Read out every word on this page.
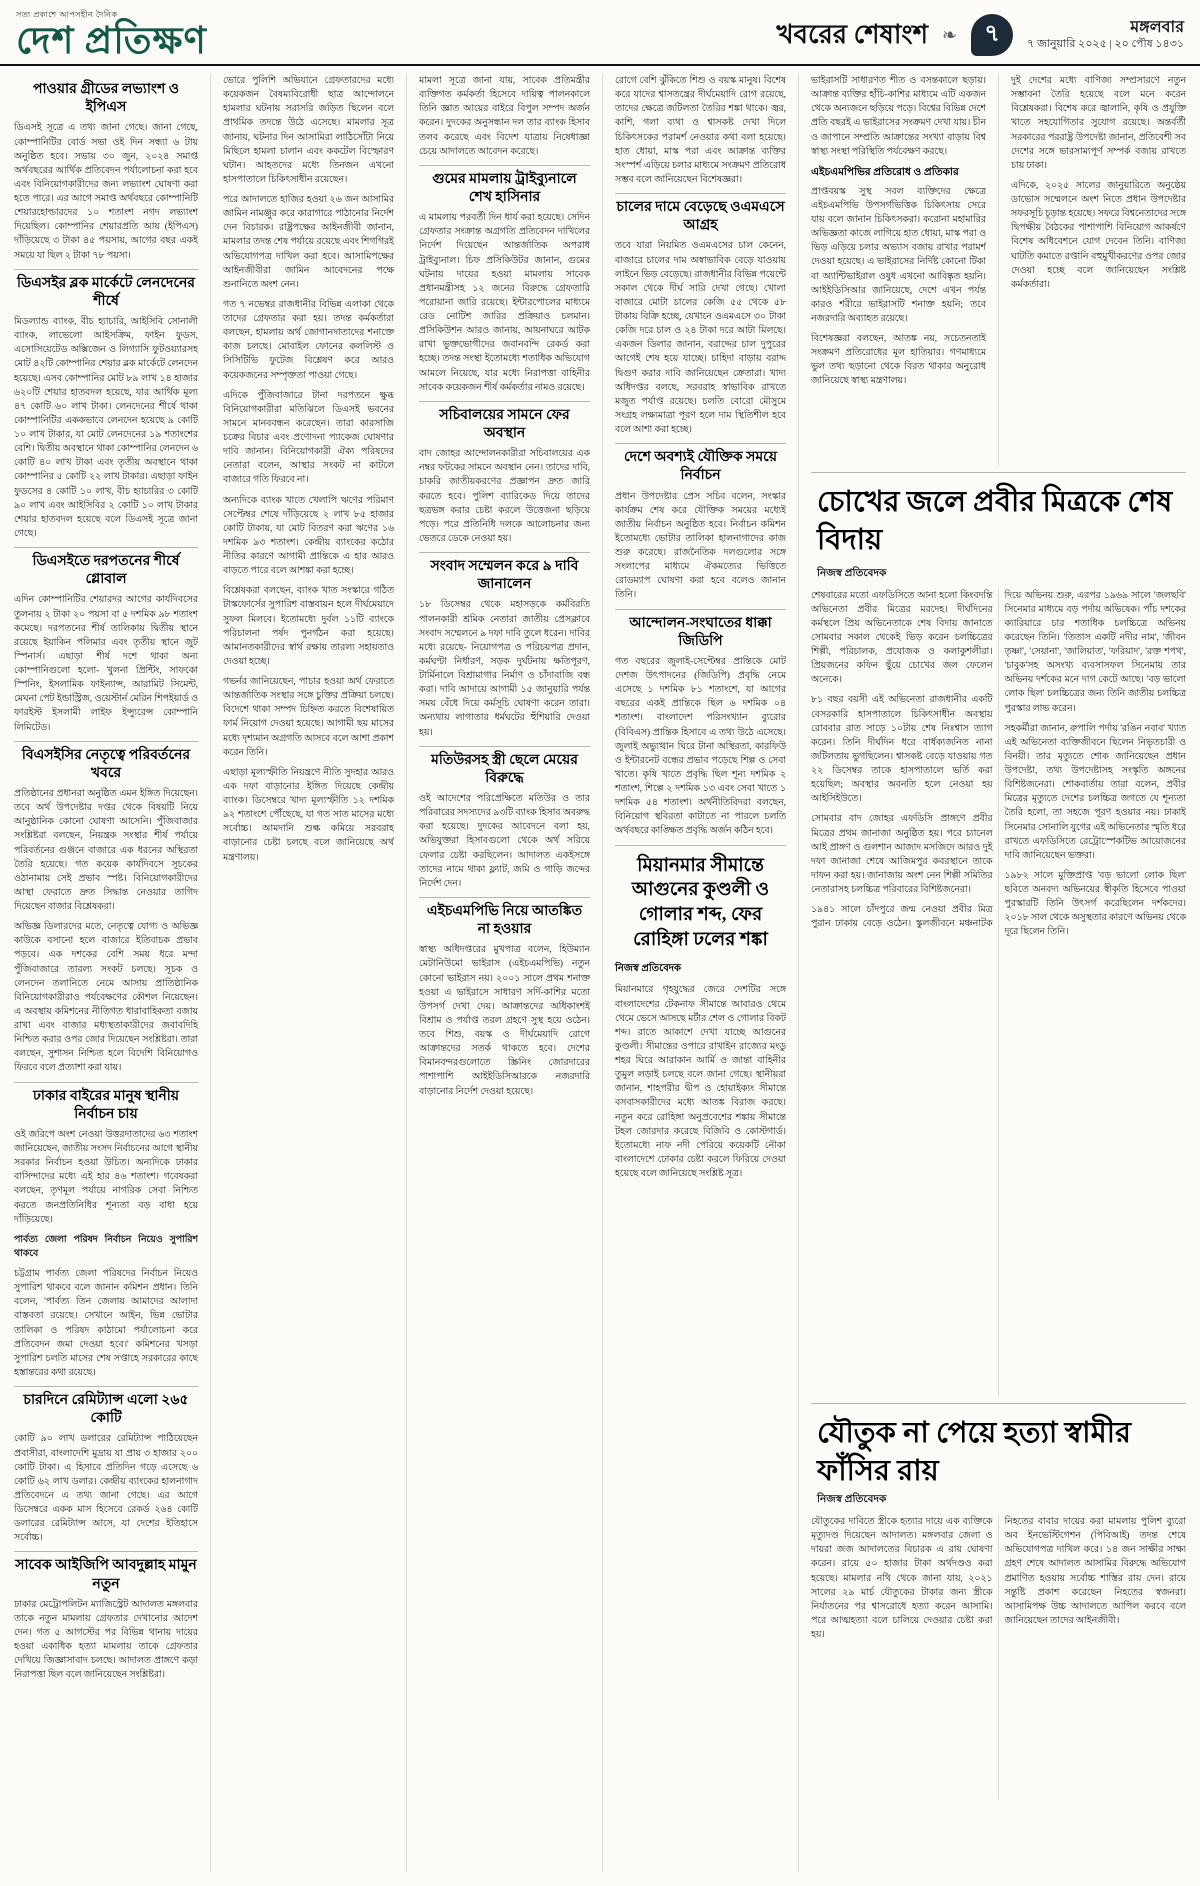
সত্য প্রকাশে আপসহীন দৈনিক
দেশ প্রতিক্ষণ	খবরের শেষাংশ ❧	৭	মঙ্গলবার
৭ জানুয়ারি ২০২৫ | ২০ পৌষ ১৪৩১
পাওয়ার গ্রীডের লভ্যাংশ ও ইপিএস

ডিএসই সূত্রে এ তথ্য জানা গেছে। জানা গেছে, কোম্পানিটির বোর্ড সভা ওই দিন সন্ধ্যা ৬ টায় অনুষ্ঠিত হবে। সভায় ৩০ জুন, ২০২৪ সমাপ্ত অর্থবছরের আর্থিক প্রতিবেদন পর্যালোচনা করা হবে এবং বিনিয়োগকারীদের জন্য লভ্যাংশ ঘোষণা করা হতে পারে। এর আগে সমাপ্ত অর্থবছরে কোম্পানিটি শেয়ারহোল্ডারদের ১০ শতাংশ নগদ লভ্যাংশ দিয়েছিল। কোম্পানির শেয়ারপ্রতি আয় (ইপিএস) দাঁড়িয়েছে ৩ টাকা ৪৫ পয়সায়, আগের বছর একই সময়ে যা ছিল ২ টাকা ৭৮ পয়সা।

ডিএসইর ব্লক মার্কেটে লেনদেনের শীর্ষে

মিডল্যান্ড ব্যাংক, বীচ হ্যাচারি, আইসিবি সোনালী ব্যাংক, লাভেলো আইসক্রিম, ফাইন ফুডস, এসোসিয়েটেড অক্সিজেন ও লিগ্যাসি ফুটওয়্যারসহ মোট ৪২টি কোম্পানির শেয়ার ব্লক মার্কেটে লেনদেন হয়েছে। এসব কোম্পানির মোট ৮৯ লাখ ১৪ হাজার ৬২০টি শেয়ার হাতবদল হয়েছে, যার আর্থিক মূল্য ৪৭ কোটি ৬০ লাখ টাকা। লেনদেনের শীর্ষে থাকা কোম্পানিটির এককভাবে লেনদেন হয়েছে ৯ কোটি ১০ লাখ টাকার, যা মোট লেনদেনের ১৯ শতাংশের বেশি। দ্বিতীয় অবস্থানে থাকা কোম্পানির লেনদেন ৬ কোটি ৪০ লাখ টাকা এবং তৃতীয় অবস্থানে থাকা কোম্পানির ৫ কোটি ২২ লাখ টাকার। এছাড়া ফাইন ফুডসের ৪ কোটি ১০ লাখ, বীচ হ্যাচারির ৩ কোটি ৯০ লাখ এবং আইসিবির ২ কোটি ১০ লাখ টাকার শেয়ার হাতবদল হয়েছে বলে ডিএসই সূত্রে জানা গেছে।

ডিএসইতে দরপতনের শীর্ষে গ্লোবাল

এদিন কোম্পানিটির শেয়ারদর আগের কার্যদিবসের তুলনায় ২ টাকা ২০ পয়সা বা ৫ দশমিক ৯৮ শতাংশ কমেছে। দরপতনের শীর্ষ তালিকায় দ্বিতীয় স্থানে রয়েছে ইয়াকিন পলিমার এবং তৃতীয় স্থানে জুট স্পিনার্স। এছাড়া শীর্ষ দশে থাকা অন্য কোম্পানিগুলো হলো- খুলনা প্রিন্টিং, সাফকো স্পিনিং, ইসলামিক ফাইন্যান্স, আরামিট সিমেন্ট, মেঘনা পেট ইন্ডাস্ট্রিজ, ওয়েস্টার্ন মেরিন শিপইয়ার্ড ও ফারইস্ট ইসলামী লাইফ ইন্স্যুরেন্স কোম্পানি লিমিটেড।

বিএসইসির নেতৃত্বে পরিবর্তনের খবরে

প্রতিষ্ঠানের প্রধানরা অনুষ্ঠিত এমন ইঙ্গিত দিয়েছেন। তবে অর্থ উপদেষ্টার দপ্তর থেকে বিষয়টি নিয়ে আনুষ্ঠানিক কোনো ঘোষণা আসেনি। পুঁজিবাজার সংশ্লিষ্টরা বলছেন, নিয়ন্ত্রক সংস্থার শীর্ষ পর্যায়ে পরিবর্তনের গুঞ্জনে বাজারে এক ধরনের অস্থিরতা তৈরি হয়েছে। গত কয়েক কার্যদিবসে সূচকের ওঠানামায় সেই প্রভাব স্পষ্ট। বিনিয়োগকারীদের আস্থা ফেরাতে দ্রুত সিদ্ধান্ত নেওয়ার তাগিদ দিয়েছেন বাজার বিশ্লেষকরা।

অভিজ্ঞ ডিলারদের মতে, নেতৃত্বে যোগ্য ও অভিজ্ঞ কাউকে বসানো হলে বাজারে ইতিবাচক প্রভাব পড়বে। এক দশকের বেশি সময় ধরে মন্দা পুঁজিবাজারে তারল্য সংকট চলছে। সূচক ও লেনদেন তলানিতে নেমে আসায় প্রাতিষ্ঠানিক বিনিয়োগকারীরাও পর্যবেক্ষণের কৌশল নিয়েছেন। এ অবস্থায় কমিশনের নীতিগত ধারাবাহিকতা বজায় রাখা এবং বাজার মধ্যস্থতাকারীদের জবাবদিহি নিশ্চিত করার ওপর জোর দিয়েছেন সংশ্লিষ্টরা। তারা বলছেন, সুশাসন নিশ্চিত হলে বিদেশি বিনিয়োগও ফিরবে বলে প্রত্যাশা করা যায়।

ঢাকার বাইরের মানুষ স্থানীয় নির্বাচন চায়

ওই জরিপে অংশ নেওয়া উত্তরদাতাদের ৬৩ শতাংশ জানিয়েছেন, জাতীয় সংসদ নির্বাচনের আগে স্থানীয় সরকার নির্বাচন হওয়া উচিত। অন্যদিকে ঢাকার বাসিন্দাদের মধ্যে এই হার ৪৬ শতাংশ। গবেষকরা বলছেন, তৃণমূল পর্যায়ে নাগরিক সেবা নিশ্চিত করতে জনপ্রতিনিধির শূন্যতা বড় বাধা হয়ে দাঁড়িয়েছে।

পার্বত্য জেলা পরিষদ নির্বাচন নিয়েও সুপারিশ থাকবে

চট্টগ্রাম পার্বত্য জেলা পরিষদের নির্বাচন নিয়েও সুপারিশ থাকবে বলে জানান কমিশন প্রধান। তিনি বলেন, 'পার্বত্য তিন জেলায় আমাদের আলাদা বাস্তবতা রয়েছে। সেখানে আইন, ভিন্ন ভোটার তালিকা ও পরিষদ কাঠামো পর্যালোচনা করে প্রতিবেদন জমা দেওয়া হবে।' কমিশনের খসড়া সুপারিশ চলতি মাসের শেষ সপ্তাহে সরকারের কাছে হস্তান্তরের কথা রয়েছে।

চারদিনে রেমিট্যান্স এলো ২৬৫ কোটি

কোটি ৯০ লাখ ডলারের রেমিট্যান্স পাঠিয়েছেন প্রবাসীরা, বাংলাদেশি মুদ্রায় যা প্রায় ৩ হাজার ২০০ কোটি টাকা। এ হিসাবে প্রতিদিন গড়ে এসেছে ৬ কোটি ৬২ লাখ ডলার। কেন্দ্রীয় ব্যাংকের হালনাগাদ প্রতিবেদনে এ তথ্য জানা গেছে। এর আগে ডিসেম্বরে একক মাস হিসেবে রেকর্ড ২৬৪ কোটি ডলারের রেমিট্যান্স আসে, যা দেশের ইতিহাসে সর্বোচ্চ।

সাবেক আইজিপি আবদুল্লাহ মামুন নতুন

ঢাকার মেট্রোপলিটন ম্যাজিস্ট্রেট আদালত মঙ্গলবার তাকে নতুন মামলায় গ্রেফতার দেখানোর আদেশ দেন। গত ৫ আগস্টের পর বিভিন্ন থানায় দায়ের হওয়া একাধিক হত্যা মামলায় তাকে গ্রেফতার দেখিয়ে জিজ্ঞাসাবাদ চলছে। আদালত প্রাঙ্গণে কড়া নিরাপত্তা ছিল বলে জানিয়েছেন সংশ্লিষ্টরা।

ভোরে পুলিশি অভিযানে গ্রেফতারদের মধ্যে কয়েকজন বৈষম্যবিরোধী ছাত্র আন্দোলনে হামলার ঘটনায় সরাসরি জড়িত ছিলেন বলে প্রাথমিক তদন্তে উঠে এসেছে। মামলার সূত্র জানায়, ঘটনার দিন আসামিরা লাঠিসোঁটা নিয়ে মিছিলে হামলা চালান এবং ককটেল বিস্ফোরণ ঘটান। আহতদের মধ্যে তিনজন এখনো হাসপাতালে চিকিৎসাধীন রয়েছেন।

পরে আদালতে হাজির হওয়া ২৬ জন আসামির জামিন নামঞ্জুর করে কারাগারে পাঠানোর নির্দেশ দেন বিচারক। রাষ্ট্রপক্ষের আইনজীবী জানান, মামলার তদন্ত শেষ পর্যায়ে রয়েছে এবং শিগগিরই অভিযোগপত্র দাখিল করা হবে। আসামিপক্ষের আইনজীবীরা জামিন আবেদনের পক্ষে শুনানিতে অংশ নেন।

গত ৭ নভেম্বর রাজধানীর বিভিন্ন এলাকা থেকে তাদের গ্রেফতার করা হয়। তদন্ত কর্মকর্তারা বলছেন, হামলায় অর্থ জোগানদাতাদের শনাক্তে কাজ চলছে। মোবাইল ফোনের কললিস্ট ও সিসিটিভি ফুটেজ বিশ্লেষণ করে আরও কয়েকজনের সম্পৃক্ততা পাওয়া গেছে।

এদিকে পুঁজিবাজারে টানা দরপতনে ক্ষুব্ধ বিনিয়োগকারীরা মতিঝিলে ডিএসই ভবনের সামনে মানববন্ধন করেছেন। তারা কারসাজি চক্রের বিচার এবং প্রণোদনা প্যাকেজ ঘোষণার দাবি জানান। বিনিয়োগকারী ঐক্য পরিষদের নেতারা বলেন, আস্থার সংকট না কাটলে বাজারে গতি ফিরবে না।

অন্যদিকে ব্যাংক খাতে খেলাপি ঋণের পরিমাণ সেপ্টেম্বর শেষে দাঁড়িয়েছে ২ লাখ ৮৫ হাজার কোটি টাকায়, যা মোট বিতরণ করা ঋণের ১৬ দশমিক ৯৩ শতাংশ। কেন্দ্রীয় ব্যাংকের কঠোর নীতির কারণে আগামী প্রান্তিকে এ হার আরও বাড়তে পারে বলে আশঙ্কা করা হচ্ছে।

বিশ্লেষকরা বলছেন, ব্যাংক খাত সংস্কারে গঠিত টাস্কফোর্সের সুপারিশ বাস্তবায়ন হলে দীর্ঘমেয়াদে সুফল মিলবে। ইতোমধ্যে দুর্বল ১১টি ব্যাংকে পরিচালনা পর্ষদ পুনর্গঠন করা হয়েছে। আমানতকারীদের স্বার্থ রক্ষায় তারল্য সহায়তাও দেওয়া হচ্ছে।

গভর্নর জানিয়েছেন, পাচার হওয়া অর্থ ফেরাতে আন্তর্জাতিক সংস্থার সঙ্গে চুক্তির প্রক্রিয়া চলছে। বিদেশে থাকা সম্পদ চিহ্নিত করতে বিশেষায়িত ফার্ম নিয়োগ দেওয়া হয়েছে। আগামী ছয় মাসের মধ্যে দৃশ্যমান অগ্রগতি আসবে বলে আশা প্রকাশ করেন তিনি।

এছাড়া মূল্যস্ফীতি নিয়ন্ত্রণে নীতি সুদহার আরও এক দফা বাড়ানোর ইঙ্গিত দিয়েছে কেন্দ্রীয় ব্যাংক। ডিসেম্বরে খাদ্য মূল্যস্ফীতি ১২ দশমিক ৯২ শতাংশে পৌঁছেছে, যা গত সাত মাসের মধ্যে সর্বোচ্চ। আমদানি শুল্ক কমিয়ে সরবরাহ বাড়ানোর চেষ্টা চলছে বলে জানিয়েছে অর্থ মন্ত্রণালয়।

মামলা সূত্রে জানা যায়, সাবেক প্রতিমন্ত্রীর ব্যক্তিগত কর্মকর্তা হিসেবে দায়িত্ব পালনকালে তিনি জ্ঞাত আয়ের বাইরে বিপুল সম্পদ অর্জন করেন। দুদকের অনুসন্ধান দল তার ব্যাংক হিসাব তলব করেছে এবং বিদেশ যাত্রায় নিষেধাজ্ঞা চেয়ে আদালতে আবেদন করেছে।

গুমের মামলায় ট্রাইব্যুনালে শেখ হাসিনার

এ মামলায় পরবর্তী দিন ধার্য করা হয়েছে। সেদিন গ্রেফতার সংক্রান্ত অগ্রগতি প্রতিবেদন দাখিলের নির্দেশ দিয়েছেন আন্তর্জাতিক অপরাধ ট্রাইব্যুনাল। চিফ প্রসিকিউটর জানান, গুমের ঘটনায় দায়ের হওয়া মামলায় সাবেক প্রধানমন্ত্রীসহ ১২ জনের বিরুদ্ধে গ্রেফতারি পরোয়ানা জারি রয়েছে। ইন্টারপোলের মাধ্যমে রেড নোটিশ জারির প্রক্রিয়াও চলমান। প্রসিকিউশন আরও জানায়, আয়নাঘরে আটক রাখা ভুক্তভোগীদের জবানবন্দি রেকর্ড করা হচ্ছে। তদন্ত সংস্থা ইতোমধ্যে শতাধিক অভিযোগ আমলে নিয়েছে, যার মধ্যে নিরাপত্তা বাহিনীর সাবেক কয়েকজন শীর্ষ কর্মকর্তার নামও রয়েছে।

সচিবালয়ের সামনে ফের অবস্থান

বাদ জোহর আন্দোলনকারীরা সচিবালয়ের এক নম্বর ফটকের সামনে অবস্থান নেন। তাদের দাবি, চাকরি জাতীয়করণের প্রজ্ঞাপন দ্রুত জারি করতে হবে। পুলিশ ব্যারিকেড দিয়ে তাদের ছত্রভঙ্গ করার চেষ্টা করলে উত্তেজনা ছড়িয়ে পড়ে। পরে প্রতিনিধি দলকে আলোচনার জন্য ভেতরে ডেকে নেওয়া হয়।

সংবাদ সম্মেলন করে ৯ দাবি জানালেন

১৮ ডিসেম্বর থেকে মহাসড়কে কর্মবিরতি পালনকারী শ্রমিক নেতারা জাতীয় প্রেসক্লাবে সংবাদ সম্মেলনে ৯ দফা দাবি তুলে ধরেন। দাবির মধ্যে রয়েছে- নিয়োগপত্র ও পরিচয়পত্র প্রদান, কর্মঘণ্টা নির্ধারণ, সড়ক দুর্ঘটনায় ক্ষতিপূরণ, টার্মিনালে বিশ্রামাগার নির্মাণ ও চাঁদাবাজি বন্ধ করা। দাবি আদায়ে আগামী ১৫ জানুয়ারি পর্যন্ত সময় বেঁধে দিয়ে কর্মসূচি ঘোষণা করেন তারা। অন্যথায় লাগাতার ধর্মঘটের হুঁশিয়ারি দেওয়া হয়।

মতিউরসহ স্ত্রী ছেলে মেয়ের বিরুদ্ধে

ওই আদেশের পরিপ্রেক্ষিতে মতিউর ও তার পরিবারের সদস্যদের ৯৩টি ব্যাংক হিসাব অবরুদ্ধ করা হয়েছে। দুদকের আবেদনে বলা হয়, অভিযুক্তরা হিসাবগুলো থেকে অর্থ সরিয়ে ফেলার চেষ্টা করছিলেন। আদালত একইসঙ্গে তাদের নামে থাকা ফ্ল্যাট, জমি ও গাড়ি জব্দের নির্দেশ দেন।

এইচএমপিভি নিয়ে আতঙ্কিত না হওয়ার

স্বাস্থ্য অধিদপ্তরের মুখপাত্র বলেন, হিউম্যান মেটানিউমো ভাইরাস (এইচএমপিভি) নতুন কোনো ভাইরাস নয়। ২০০১ সালে প্রথম শনাক্ত হওয়া এ ভাইরাসে সাধারণ সর্দি-কাশির মতো উপসর্গ দেখা দেয়। আক্রান্তদের অধিকাংশই বিশ্রাম ও পর্যাপ্ত তরল গ্রহণে সুস্থ হয়ে ওঠেন। তবে শিশু, বয়স্ক ও দীর্ঘমেয়াদি রোগে আক্রান্তদের সতর্ক থাকতে হবে। দেশের বিমানবন্দরগুলোতে স্ক্রিনিং জোরদারের পাশাপাশি আইইডিসিআরকে নজরদারি বাড়ানোর নির্দেশ দেওয়া হয়েছে।

রোগে বেশি ঝুঁকিতে শিশু ও বয়স্ক মানুষ। বিশেষ করে যাদের শ্বাসতন্ত্রের দীর্ঘমেয়াদি রোগ রয়েছে, তাদের ক্ষেত্রে জটিলতা তৈরির শঙ্কা থাকে। জ্বর, কাশি, গলা ব্যথা ও শ্বাসকষ্ট দেখা দিলে চিকিৎসকের পরামর্শ নেওয়ার কথা বলা হয়েছে। হাত ধোয়া, মাস্ক পরা এবং আক্রান্ত ব্যক্তির সংস্পর্শ এড়িয়ে চলার মাধ্যমে সংক্রমণ প্রতিরোধ সম্ভব বলে জানিয়েছেন বিশেষজ্ঞরা।

চালের দামে বেড়েছে ওএমএসে আগ্রহ

তবে যারা নিয়মিত ওএমএসের চাল কেনেন, বাজারে চালের দাম অস্বাভাবিক বেড়ে যাওয়ায় লাইনে ভিড় বেড়েছে। রাজধানীর বিভিন্ন পয়েন্টে সকাল থেকে দীর্ঘ সারি দেখা গেছে। খোলা বাজারে মোটা চালের কেজি ৫৫ থেকে ৫৮ টাকায় বিক্রি হচ্ছে, যেখানে ওএমএসে ৩০ টাকা কেজি দরে চাল ও ২৪ টাকা দরে আটা মিলছে। একজন ডিলার জানান, বরাদ্দের চাল দুপুরের আগেই শেষ হয়ে যাচ্ছে। চাহিদা বাড়ায় বরাদ্দ দ্বিগুণ করার দাবি জানিয়েছেন ক্রেতারা। খাদ্য অধিদপ্তর বলছে, সরবরাহ স্বাভাবিক রাখতে মজুত পর্যাপ্ত রয়েছে। চলতি বোরো মৌসুমে সংগ্রহ লক্ষ্যমাত্রা পূরণ হলে দাম স্থিতিশীল হবে বলে আশা করা হচ্ছে।

দেশে অবশ্যই যৌক্তিক সময়ে নির্বাচন

প্রধান উপদেষ্টার প্রেস সচিব বলেন, সংস্কার কার্যক্রম শেষ করে যৌক্তিক সময়ের মধ্যেই জাতীয় নির্বাচন অনুষ্ঠিত হবে। নির্বাচন কমিশন ইতোমধ্যে ভোটার তালিকা হালনাগাদের কাজ শুরু করেছে। রাজনৈতিক দলগুলোর সঙ্গে সংলাপের মাধ্যমে ঐকমত্যের ভিত্তিতে রোডম্যাপ ঘোষণা করা হবে বলেও জানান তিনি।

আন্দোলন-সংঘাতের ধাক্কা জিডিপি

গত বছরের জুলাই-সেপ্টেম্বর প্রান্তিকে মোট দেশজ উৎপাদনের (জিডিপি) প্রবৃদ্ধি নেমে এসেছে ১ দশমিক ৮১ শতাংশে, যা আগের বছরের একই প্রান্তিকে ছিল ৬ দশমিক ০৪ শতাংশ। বাংলাদেশ পরিসংখ্যান ব্যুরোর (বিবিএস) প্রান্তিক হিসাবে এ তথ্য উঠে এসেছে। জুলাই অভ্যুত্থান ঘিরে টানা অস্থিরতা, কারফিউ ও ইন্টারনেট বন্ধের প্রভাব পড়েছে শিল্প ও সেবা খাতে। কৃষি খাতে প্রবৃদ্ধি ছিল শূন্য দশমিক ২ শতাংশ, শিল্পে ২ দশমিক ১৩ এবং সেবা খাতে ১ দশমিক ৫৪ শতাংশ। অর্থনীতিবিদরা বলছেন, বিনিয়োগ স্থবিরতা কাটাতে না পারলে চলতি অর্থবছরে কাঙ্ক্ষিত প্রবৃদ্ধি অর্জন কঠিন হবে।

মিয়ানমার সীমান্তে আগুনের কুণ্ডলী ও গোলার শব্দ, ফের রোহিঙ্গা ঢলের শঙ্কা
নিজস্ব প্রতিবেদক

মিয়ানমারে গৃহযুদ্ধের জেরে দেশটির সঙ্গে বাংলাদেশের টেকনাফ সীমান্তে আবারও থেমে থেমে ভেসে আসছে মর্টার শেল ও গোলার বিকট শব্দ। রাতে আকাশে দেখা যাচ্ছে আগুনের কুণ্ডলী। সীমান্তের ওপারে রাখাইন রাজ্যের মংডু শহর ঘিরে আরাকান আর্মি ও জান্তা বাহিনীর তুমুল লড়াই চলছে বলে জানা গেছে। স্থানীয়রা জানান, শাহপরীর দ্বীপ ও হোয়াইক্যং সীমান্তে বসবাসকারীদের মধ্যে আতঙ্ক বিরাজ করছে। নতুন করে রোহিঙ্গা অনুপ্রবেশের শঙ্কায় সীমান্তে টহল জোরদার করেছে বিজিবি ও কোস্টগার্ড। ইতোমধ্যে নাফ নদী পেরিয়ে কয়েকটি নৌকা বাংলাদেশে ঢোকার চেষ্টা করলে ফিরিয়ে দেওয়া হয়েছে বলে জানিয়েছে সংশ্লিষ্ট সূত্র।

ভাইরাসটি সাধারণত শীত ও বসন্তকালে ছড়ায়। আক্রান্ত ব্যক্তির হাঁচি-কাশির মাধ্যমে এটি একজন থেকে অন্যজনে ছড়িয়ে পড়ে। বিশ্বের বিভিন্ন দেশে প্রতি বছরই এ ভাইরাসের সংক্রমণ দেখা যায়। চীন ও জাপানে সম্প্রতি আক্রান্তের সংখ্যা বাড়ায় বিশ্ব স্বাস্থ্য সংস্থা পরিস্থিতি পর্যবেক্ষণ করছে।

এইচএমপিভির প্রতিরোধ ও প্রতিকার

প্রাপ্তবয়স্ক সুস্থ সবল ব্যক্তিদের ক্ষেত্রে এইচএমপিভি উপসর্গভিত্তিক চিকিৎসায় সেরে যায় বলে জানান চিকিৎসকরা। করোনা মহামারির অভিজ্ঞতা কাজে লাগিয়ে হাত ধোয়া, মাস্ক পরা ও ভিড় এড়িয়ে চলার অভ্যাস বজায় রাখার পরামর্শ দেওয়া হয়েছে। এ ভাইরাসের নির্দিষ্ট কোনো টিকা বা অ্যান্টিভাইরাল ওষুধ এখনো আবিষ্কৃত হয়নি। আইইডিসিআর জানিয়েছে, দেশে এখন পর্যন্ত কারও শরীরে ভাইরাসটি শনাক্ত হয়নি; তবে নজরদারি অব্যাহত রয়েছে।

বিশেষজ্ঞরা বলছেন, আতঙ্ক নয়, সচেতনতাই সংক্রমণ প্রতিরোধের মূল হাতিয়ার। গণমাধ্যমে ভুল তথ্য ছড়ানো থেকে বিরত থাকার অনুরোধ জানিয়েছে স্বাস্থ্য মন্ত্রণালয়।

দুই দেশের মধ্যে বাণিজ্য সম্প্রসারণে নতুন সম্ভাবনা তৈরি হয়েছে বলে মনে করেন বিশ্লেষকরা। বিশেষ করে জ্বালানি, কৃষি ও প্রযুক্তি খাতে সহযোগিতার সুযোগ রয়েছে। অন্তর্বর্তী সরকারের পররাষ্ট্র উপদেষ্টা জানান, প্রতিবেশী সব দেশের সঙ্গে ভারসাম্যপূর্ণ সম্পর্ক বজায় রাখতে চায় ঢাকা।

এদিকে, ২০২৫ সালের জানুয়ারিতে অনুষ্ঠেয় ডাভোস সম্মেলনে অংশ নিতে প্রধান উপদেষ্টার সফরসূচি চূড়ান্ত হয়েছে। সফরে বিশ্বনেতাদের সঙ্গে দ্বিপক্ষীয় বৈঠকের পাশাপাশি বিনিয়োগ আকর্ষণে বিশেষ অধিবেশনে যোগ দেবেন তিনি। বাণিজ্য ঘাটতি কমাতে রপ্তানি বহুমুখীকরণের ওপর জোর দেওয়া হচ্ছে বলে জানিয়েছেন সংশ্লিষ্ট কর্মকর্তারা।

চোখের জলে প্রবীর মিত্রকে শেষ বিদায়
নিজস্ব প্রতিবেদক

শেষবারের মতো এফডিসিতে আনা হলো কিংবদন্তি অভিনেতা প্রবীর মিত্রের মরদেহ। দীর্ঘদিনের কর্মস্থলে প্রিয় অভিনেতাকে শেষ বিদায় জানাতে সোমবার সকাল থেকেই ভিড় করেন চলচ্চিত্রের শিল্পী, পরিচালক, প্রযোজক ও কলাকুশলীরা। প্রিয়জনের কফিন ছুঁয়ে চোখের জল ফেলেন অনেকে।

৮১ বছর বয়সী এই অভিনেতা রাজধানীর একটি বেসরকারি হাসপাতালে চিকিৎসাধীন অবস্থায় রোববার রাত সাড়ে ১০টায় শেষ নিঃশ্বাস ত্যাগ করেন। তিনি দীর্ঘদিন ধরে বার্ধক্যজনিত নানা জটিলতায় ভুগছিলেন। শ্বাসকষ্ট বেড়ে যাওয়ায় গত ২২ ডিসেম্বর তাকে হাসপাতালে ভর্তি করা হয়েছিল; অবস্থার অবনতি হলে নেওয়া হয় আইসিইউতে।

সোমবার বাদ জোহর এফডিসি প্রাঙ্গণে প্রবীর মিত্রের প্রথম জানাজা অনুষ্ঠিত হয়। পরে চ্যানেল আই প্রাঙ্গণ ও গুলশান আজাদ মসজিদে আরও দুই দফা জানাজা শেষে আজিমপুর কবরস্থানে তাকে দাফন করা হয়। জানাজায় অংশ নেন শিল্পী সমিতির নেতারাসহ চলচ্চিত্র পরিবারের বিশিষ্টজনেরা।

১৯৪১ সালে চাঁদপুরে জন্ম নেওয়া প্রবীর মিত্র পুরান ঢাকায় বেড়ে ওঠেন। স্কুলজীবনে মঞ্চনাটক দিয়ে অভিনয় শুরু, এরপর ১৯৬৯ সালে 'জলছবি' সিনেমার মাধ্যমে বড় পর্দায় অভিষেক। পাঁচ দশকের ক্যারিয়ারে চার শতাধিক চলচ্চিত্রে অভিনয় করেছেন তিনি। 'তিতাস একটি নদীর নাম', 'জীবন তৃষ্ণা', 'সেয়ানা', 'জালিয়াত', 'ফরিয়াদ', 'রক্ত শপথ', 'চাবুক'সহ অসংখ্য ব্যবসাসফল সিনেমায় তার অভিনয় দর্শকের মনে দাগ কেটে আছে। 'বড় ভালো লোক ছিল' চলচ্চিত্রের জন্য তিনি জাতীয় চলচ্চিত্র পুরস্কার লাভ করেন।

সহকর্মীরা জানান, রুপালি পর্দায় 'রঙিন নবাব' খ্যাত এই অভিনেতা ব্যক্তিজীবনে ছিলেন নিভৃতচারী ও বিনয়ী। তার মৃত্যুতে শোক জানিয়েছেন প্রধান উপদেষ্টা, তথ্য উপদেষ্টাসহ সংস্কৃতি অঙ্গনের বিশিষ্টজনেরা। শোকবার্তায় তারা বলেন, প্রবীর মিত্রের মৃত্যুতে দেশের চলচ্চিত্র জগতে যে শূন্যতা তৈরি হলো, তা সহজে পূরণ হওয়ার নয়। ঢাকাই সিনেমার সোনালি যুগের এই অভিনেতার স্মৃতি ধরে রাখতে এফডিসিতে রেট্রোস্পেকটিভ আয়োজনের দাবি জানিয়েছেন ভক্তরা।

১৯৮২ সালে মুক্তিপ্রাপ্ত 'বড় ভালো লোক ছিল' ছবিতে অনবদ্য অভিনয়ের স্বীকৃতি হিসেবে পাওয়া পুরস্কারটি তিনি উৎসর্গ করেছিলেন দর্শকদের। ২০১৮ সাল থেকে অসুস্থতার কারণে অভিনয় থেকে দূরে ছিলেন তিনি।

যৌতুক না পেয়ে হত্যা স্বামীর ফাঁসির রায়
নিজস্ব প্রতিবেদক

যৌতুকের দাবিতে স্ত্রীকে হত্যার দায়ে এক ব্যক্তিকে মৃত্যুদণ্ড দিয়েছেন আদালত। মঙ্গলবার জেলা ও দায়রা জজ আদালতের বিচারক এ রায় ঘোষণা করেন। রায়ে ৫০ হাজার টাকা অর্থদণ্ডও করা হয়েছে। মামলার নথি থেকে জানা যায়, ২০২১ সালের ২৯ মার্চ যৌতুকের টাকার জন্য স্ত্রীকে নির্যাতনের পর শ্বাসরোধে হত্যা করেন আসামি। পরে আত্মহত্যা বলে চালিয়ে দেওয়ার চেষ্টা করা হয়।

নিহতের বাবার দায়ের করা মামলায় পুলিশ ব্যুরো অব ইনভেস্টিগেশন (পিবিআই) তদন্ত শেষে অভিযোগপত্র দাখিল করে। ১৪ জন সাক্ষীর সাক্ষ্য গ্রহণ শেষে আদালত আসামির বিরুদ্ধে অভিযোগ প্রমাণিত হওয়ায় সর্বোচ্চ শাস্তির রায় দেন। রায়ে সন্তুষ্টি প্রকাশ করেছেন নিহতের স্বজনরা। আসামিপক্ষ উচ্চ আদালতে আপিল করবে বলে জানিয়েছেন তাদের আইনজীবী।
